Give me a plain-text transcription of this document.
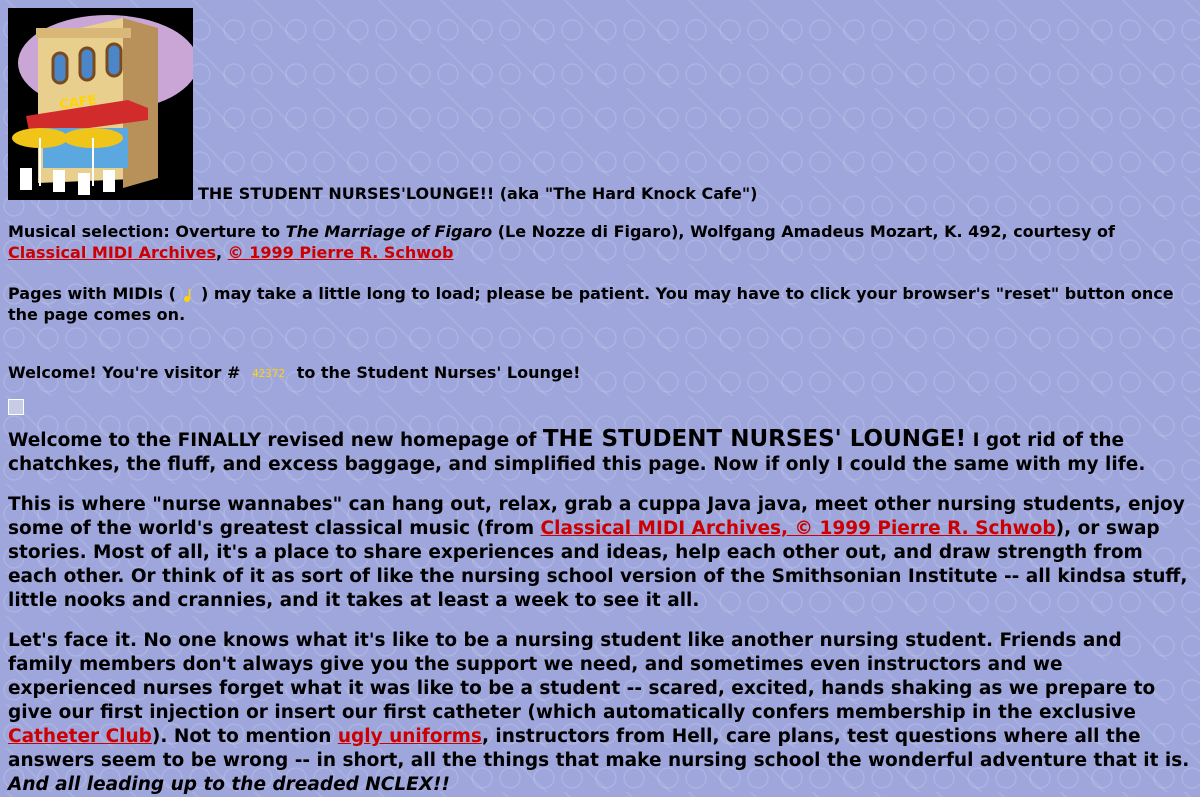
CAFE
THE STUDENT NURSES'LOUNGE!! (aka "The Hard Knock Cafe")

Musical selection: Overture to The Marriage of Figaro (Le Nozze di Figaro), Wolfgang Amadeus Mozart, K. 492, courtesy of Classical MIDI Archives, © 1999 Pierre R. Schwob

Pages with MIDIs (  ) may take a little long to load; please be patient. You may have to click your browser's "reset" button once the page comes on.

Welcome! You're visitor # 42372 to the Student Nurses' Lounge!

Welcome to the FINALLY revised new homepage of THE STUDENT NURSES' LOUNGE! I got rid of the chatchkes, the fluff, and excess baggage, and simplified this page. Now if only I could the same with my life.

This is where "nurse wannabes" can hang out, relax, grab a cuppa Java java, meet other nursing students, enjoy some of the world's greatest classical music (from Classical MIDI Archives, © 1999 Pierre R. Schwob), or swap stories. Most of all, it's a place to share experiences and ideas, help each other out, and draw strength from each other. Or think of it as sort of like the nursing school version of the Smithsonian Institute -- all kindsa stuff, little nooks and crannies, and it takes at least a week to see it all.

Let's face it. No one knows what it's like to be a nursing student like another nursing student. Friends and family members don't always give you the support we need, and sometimes even instructors and we experienced nurses forget what it was like to be a student -- scared, excited, hands shaking as we prepare to give our first injection or insert our first catheter (which automatically confers membership in the exclusive Catheter Club). Not to mention ugly uniforms, instructors from Hell, care plans, test questions where all the answers seem to be wrong -- in short, all the things that make nursing school the wonderful adventure that it is. And all leading up to the dreaded NCLEX!!
